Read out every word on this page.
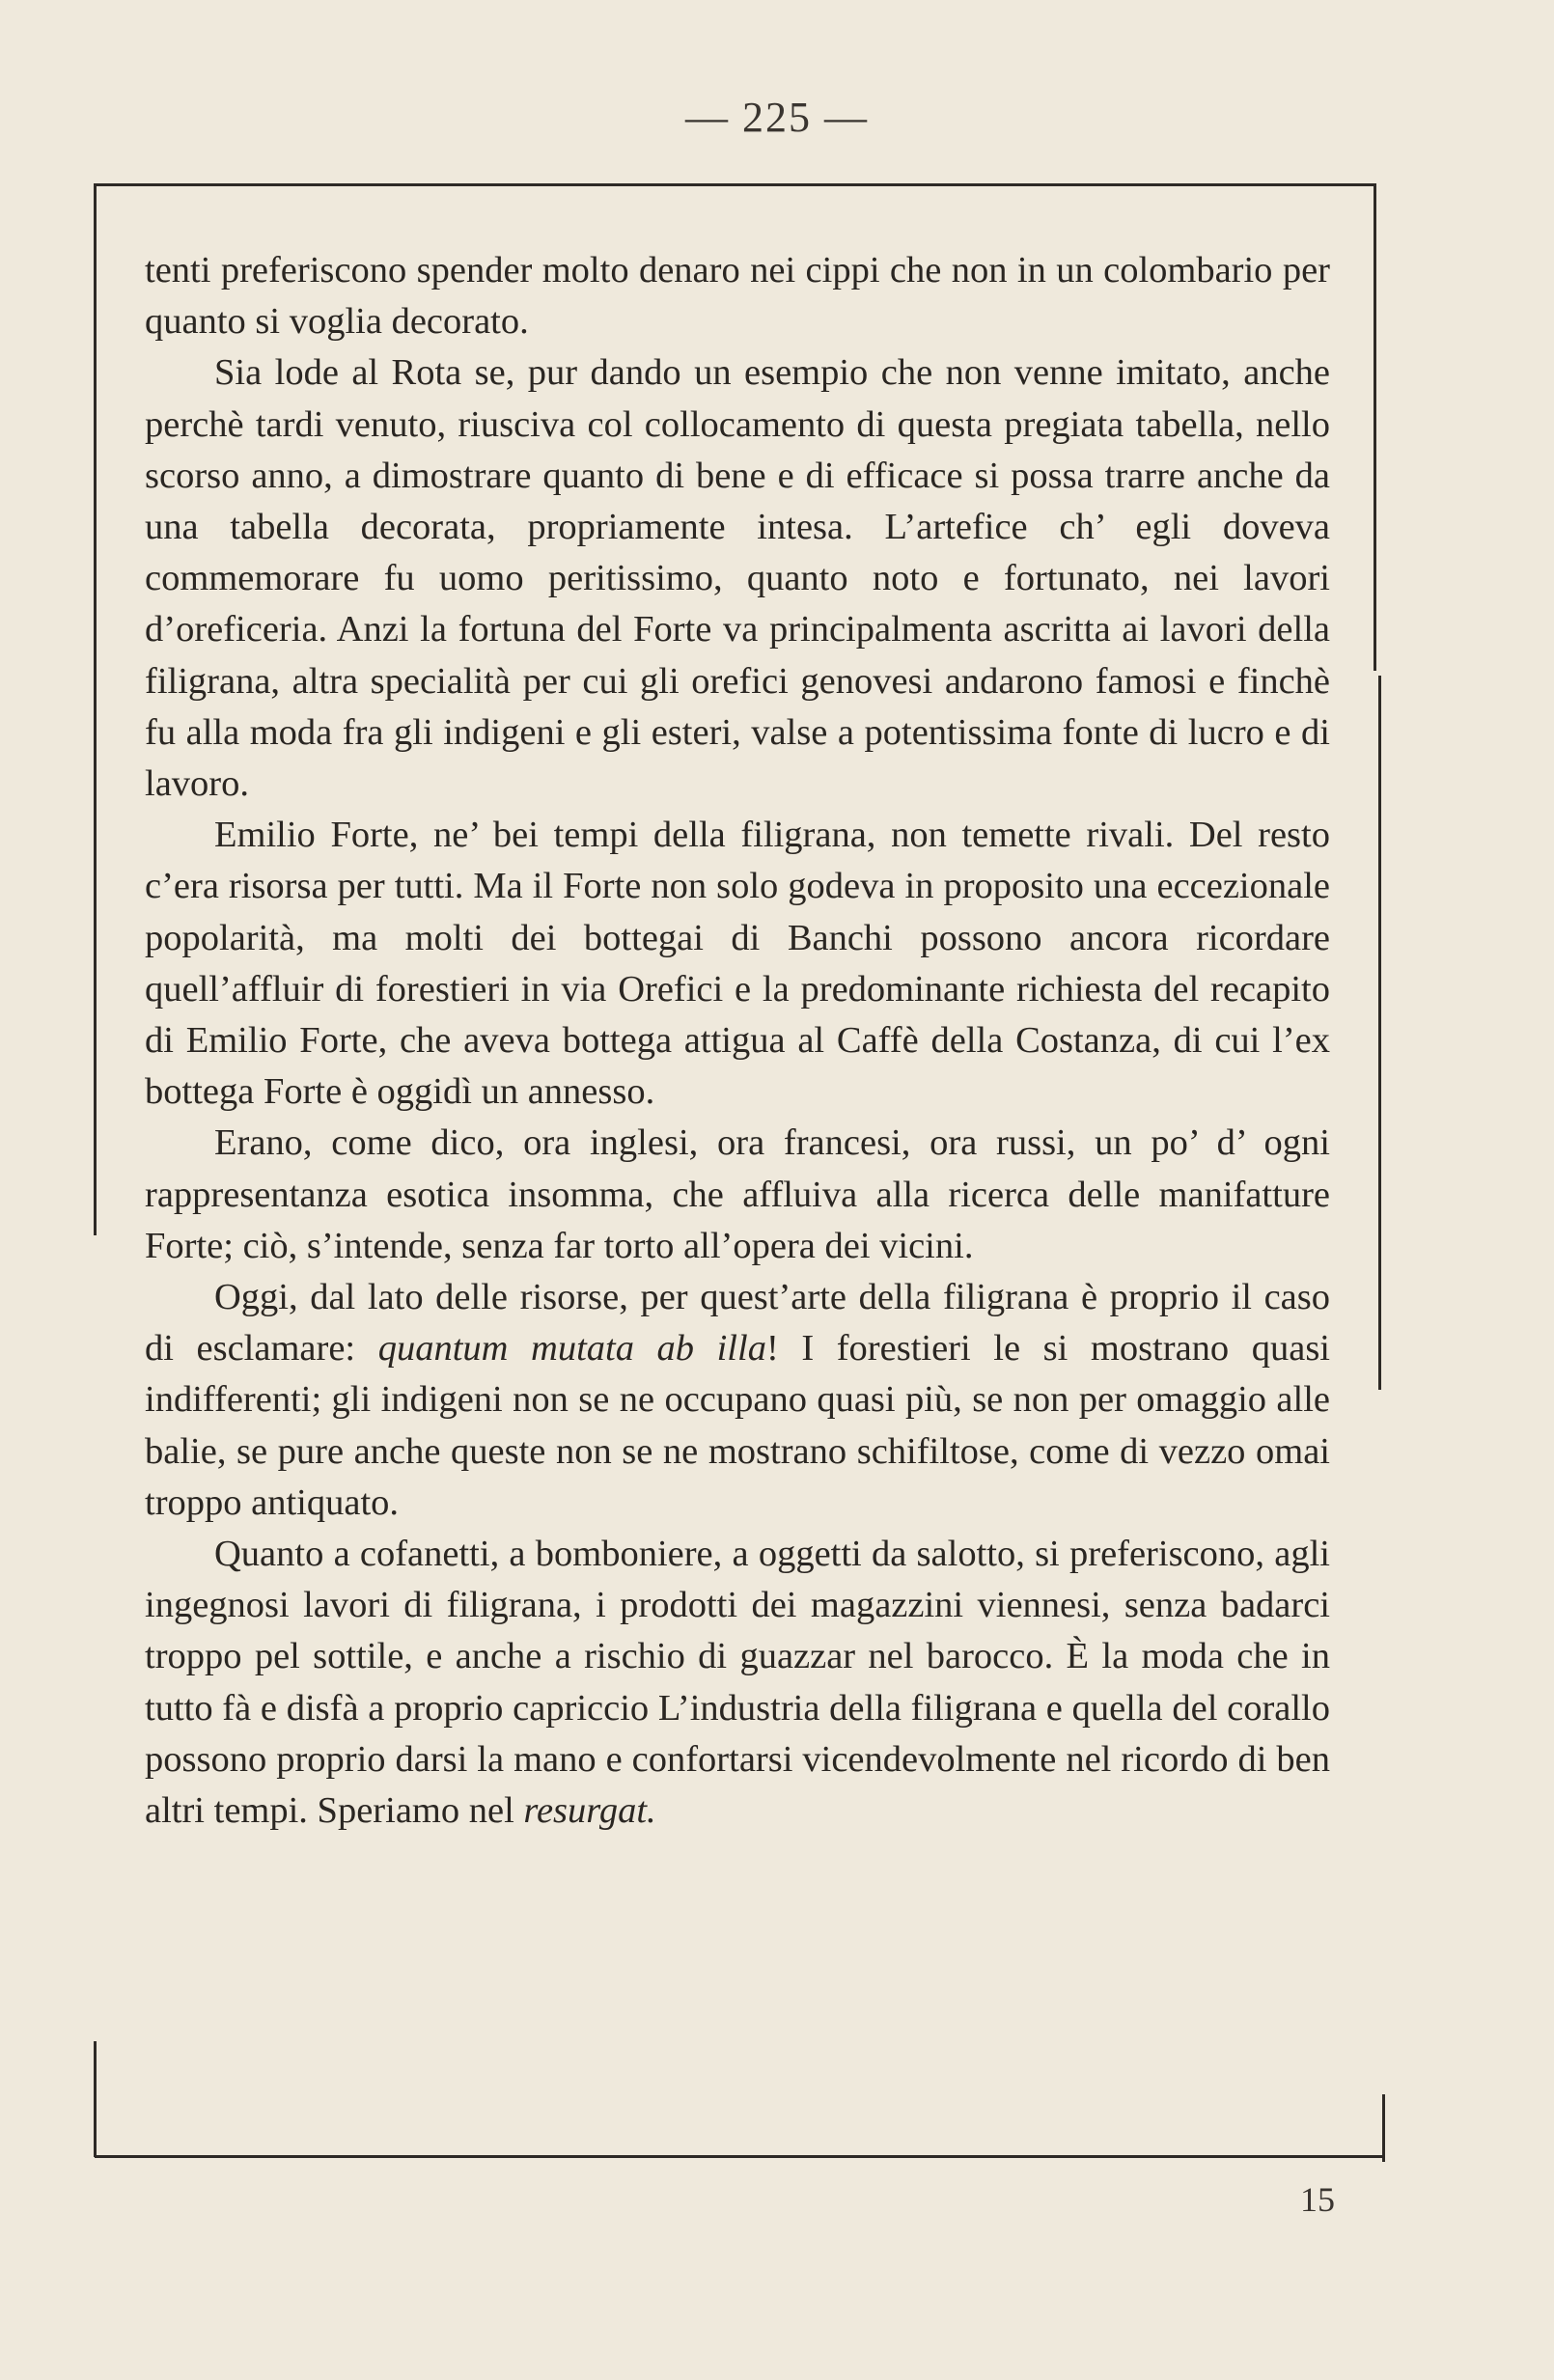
— 225 —

tenti preferiscono spender molto denaro nei cippi che non in un colombario per quanto si voglia decorato.

Sia lode al Rota se, pur dando un esempio che non venne imitato, anche perchè tardi venuto, riusciva col collocamento di questa pregiata tabella, nello scorso anno, a dimostrare quanto di bene e di efficace si possa trarre anche da una tabella decorata, propriamente intesa. L’artefice ch’ egli doveva commemorare fu uomo peritissimo, quanto noto e fortunato, nei lavori d’oreficeria. Anzi la fortuna del Forte va principalmenta ascritta ai lavori della filigrana, altra specialità per cui gli orefici genovesi andarono famosi e finchè fu alla moda fra gli indigeni e gli esteri, valse a potentissima fonte di lucro e di lavoro.

Emilio Forte, ne’ bei tempi della filigrana, non temette rivali. Del resto c’era risorsa per tutti. Ma il Forte non solo godeva in proposito una eccezionale popolarità, ma molti dei bottegai di Banchi possono ancora ricordare quell’affluir di forestieri in via Orefici e la predominante richiesta del recapito di Emilio Forte, che aveva bottega attigua al Caffè della Costanza, di cui l’ex bottega Forte è oggidì un annesso.

Erano, come dico, ora inglesi, ora francesi, ora russi, un po’ d’ ogni rappresentanza esotica insomma, che affluiva alla ricerca delle manifatture Forte; ciò, s’intende, senza far torto all’opera dei vicini.

Oggi, dal lato delle risorse, per quest’arte della filigrana è proprio il caso di esclamare: quantum mutata ab illa! I forestieri le si mostrano quasi indifferenti; gli indigeni non se ne occupano quasi più, se non per omaggio alle balie, se pure anche queste non se ne mostrano schifiltose, come di vezzo omai troppo antiquato.

Quanto a cofanetti, a bomboniere, a oggetti da salotto, si preferiscono, agli ingegnosi lavori di filigrana, i prodotti dei magazzini viennesi, senza badarci troppo pel sottile, e anche a rischio di guazzar nel barocco. È la moda che in tutto fà e disfà a proprio capriccio L’industria della filigrana e quella del corallo possono proprio darsi la mano e confortarsi vicendevolmente nel ricordo di ben altri tempi. Speriamo nel resurgat.

15
